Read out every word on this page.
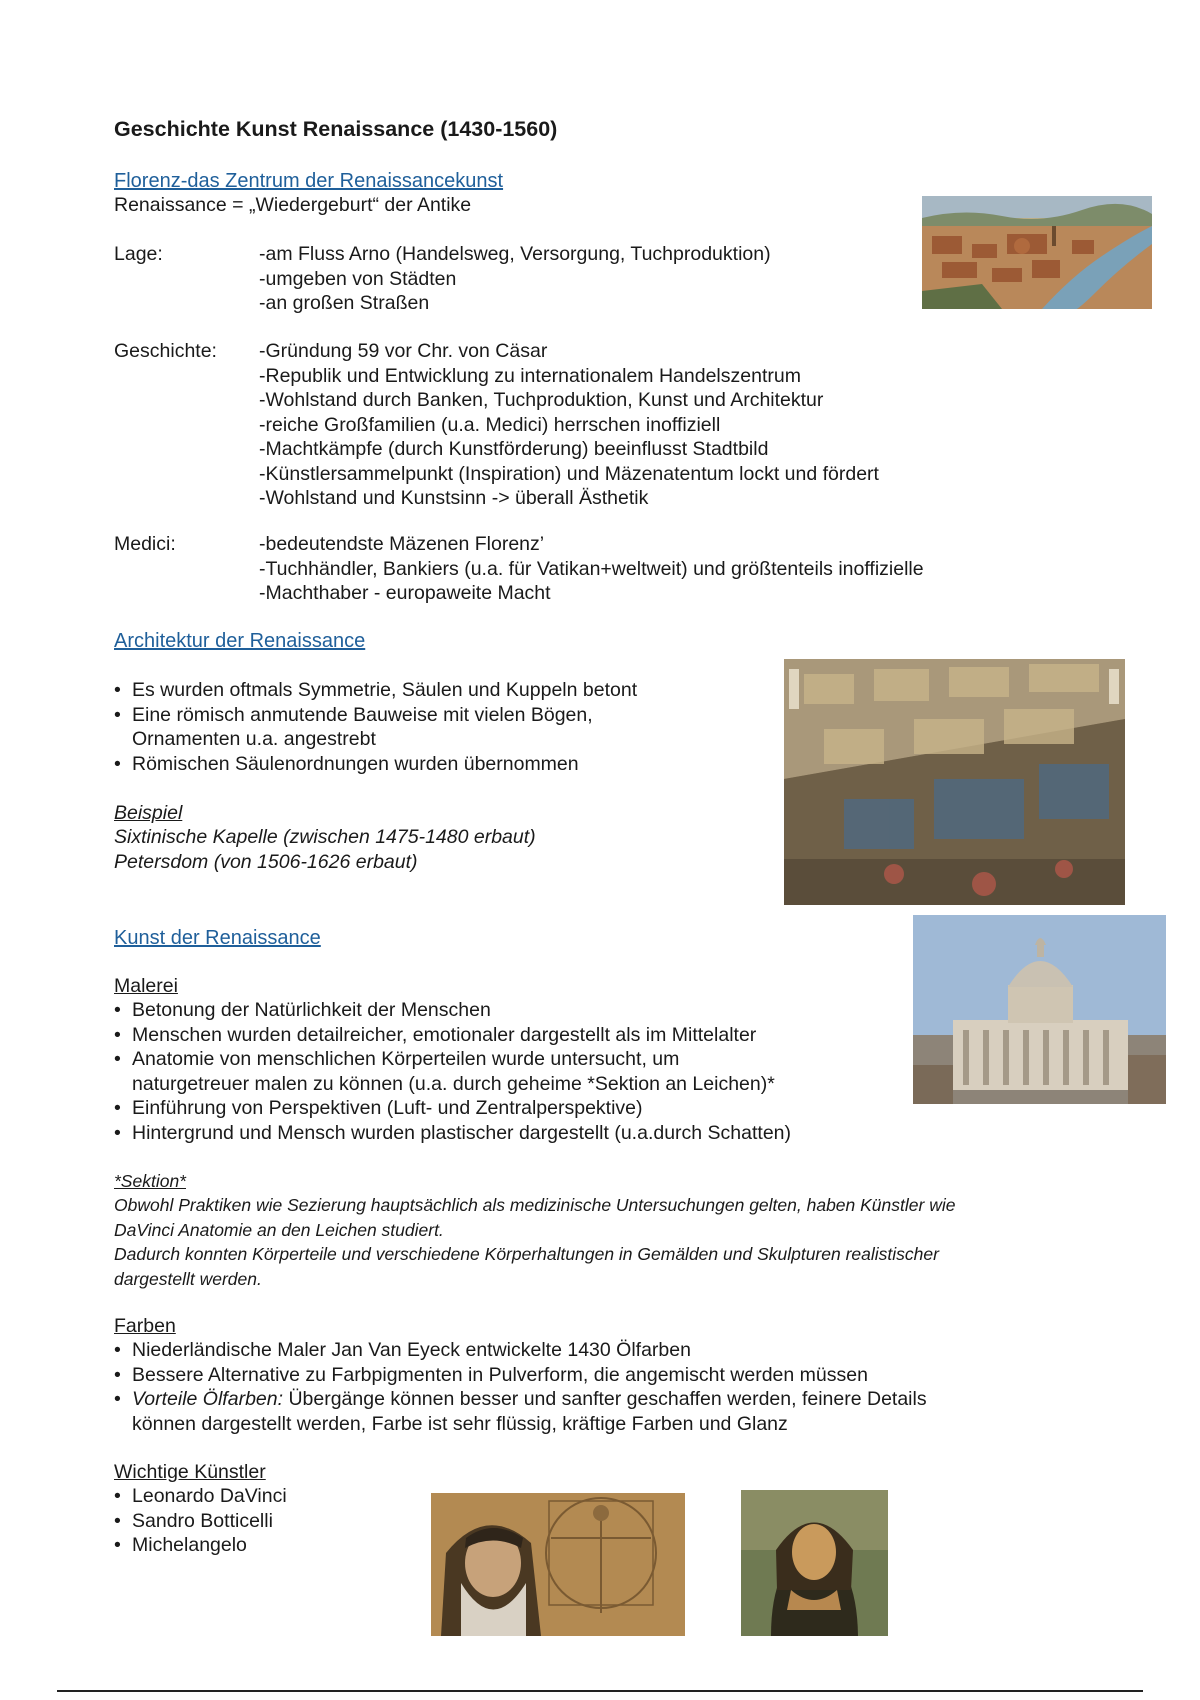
Geschichte Kunst Renaissance (1430-1560)
Florenz-das Zentrum der Renaissancekunst
Renaissance = „Wiedergeburt“ der Antike
Lage:	-am Fluss Arno (Handelsweg, Versorgung, Tuchproduktion)
-umgeben von Städten
-an großen Straßen
Geschichte:	-Gründung 59 vor Chr. von Cäsar
-Republik und Entwicklung zu internationalem Handelszentrum
-Wohlstand durch Banken, Tuchproduktion, Kunst und Architektur
-reiche Großfamilien (u.a. Medici) herrschen inoffiziell
-Machtkämpfe (durch Kunstförderung) beeinflusst Stadtbild
-Künstlersammelpunkt (Inspiration) und Mäzenatentum lockt und fördert
-Wohlstand und Kunstsinn -> überall Ästhetik
Medici:	-bedeutendste Mäzenen Florenz’
-Tuchhändler, Bankiers (u.a. für Vatikan+weltweit) und größtenteils inoffizielle
-Machthaber - europaweite Macht
Architektur der Renaissance
• Es wurden oftmals Symmetrie, Säulen und Kuppeln betont
• Eine römisch anmutende Bauweise mit vielen Bögen,
Ornamenten u.a. angestrebt
• Römischen Säulenordnungen wurden übernommen
Beispiel
Sixtinische Kapelle (zwischen 1475-1480 erbaut)
Petersdom (von 1506-1626 erbaut)
Kunst der Renaissance
Malerei
• Betonung der Natürlichkeit der Menschen
• Menschen wurden detailreicher, emotionaler dargestellt als im Mittelalter
• Anatomie von menschlichen Körperteilen wurde untersucht, um
naturgetreuer malen zu können (u.a. durch geheime *Sektion an Leichen)*
• Einführung von Perspektiven (Luft- und Zentralperspektive)
• Hintergrund und Mensch wurden plastischer dargestellt (u.a.durch Schatten)
*Sektion*
Obwohl Praktiken wie Sezierung hauptsächlich als medizinische Untersuchungen gelten, haben Künstler wie
DaVinci Anatomie an den Leichen studiert.
Dadurch konnten Körperteile und verschiedene Körperhaltungen in Gemälden und Skulpturen realistischer
dargestellt werden.
Farben
• Niederländische Maler Jan Van Eyeck entwickelte 1430 Ölfarben
• Bessere Alternative zu Farbpigmenten in Pulverform, die angemischt werden müssen
• Vorteile Ölfarben: Übergänge können besser und sanfter geschaffen werden, feinere Details
können dargestellt werden, Farbe ist sehr flüssig, kräftige Farben und Glanz
Wichtige Künstler
• Leonardo DaVinci
• Sandro Botticelli
• Michelangelo
